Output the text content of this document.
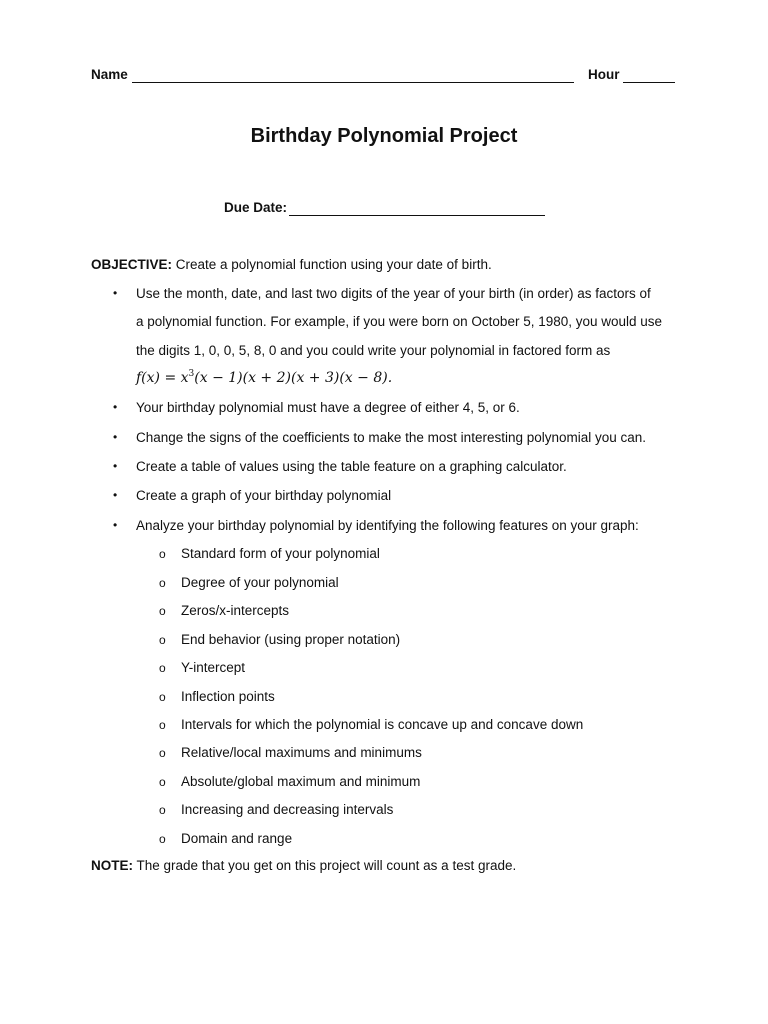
Name	Hour
Birthday Polynomial Project
Due Date:
OBJECTIVE: Create a polynomial function using your date of birth.
• Use the month, date, and last two digits of the year of your birth (in order) as factors of
a polynomial function. For example, if you were born on October 5, 1980, you would use
the digits 1, 0, 0, 5, 8, 0 and you could write your polynomial in factored form as
$f(x) = x^3(x - 1)(x + 2)(x + 3)(x - 8)$.
• Your birthday polynomial must have a degree of either 4, 5, or 6.
• Change the signs of the coefficients to make the most interesting polynomial you can.
• Create a table of values using the table feature on a graphing calculator.
• Create a graph of your birthday polynomial
• Analyze your birthday polynomial by identifying the following features on your graph:
o Standard form of your polynomial
o Degree of your polynomial
o Zeros/x-intercepts
o End behavior (using proper notation)
o Y-intercept
o Inflection points
o Intervals for which the polynomial is concave up and concave down
o Relative/local maximums and minimums
o Absolute/global maximum and minimum
o Increasing and decreasing intervals
o Domain and range
NOTE: The grade that you get on this project will count as a test grade.
